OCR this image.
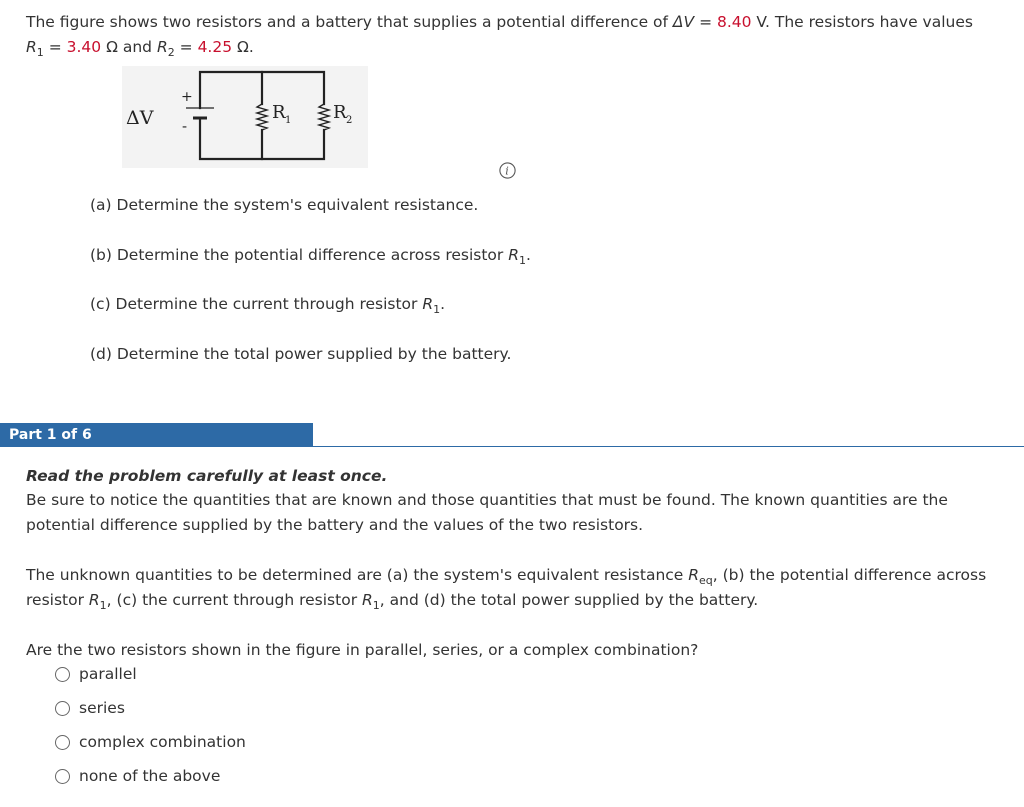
The figure shows two resistors and a battery that supplies a potential difference of ΔV = 8.40 V. The resistors have values
$R_1 = 3.40$ Ω and $R_2 = 4.25$ Ω.
+
-
ΔV	R 1 R 2
i
(a) Determine the system's equivalent resistance.
(b) Determine the potential difference across resistor $R_1$.
(c) Determine the current through resistor $R_1$.
(d) Determine the total power supplied by the battery.
Part 1 of 6
Read the problem carefully at least once.
Be sure to notice the quantities that are known and those quantities that must be found. The known quantities are the potential difference supplied by the battery and the values of the two resistors.
The unknown quantities to be determined are (a) the system's equivalent resistance $R_{eq}$, (b) the potential difference across resistor $R_1$, (c) the current through resistor $R_1$, and (d) the total power supplied by the battery.
Are the two resistors shown in the figure in parallel, series, or a complex combination?
parallel
series
complex combination
none of the above
